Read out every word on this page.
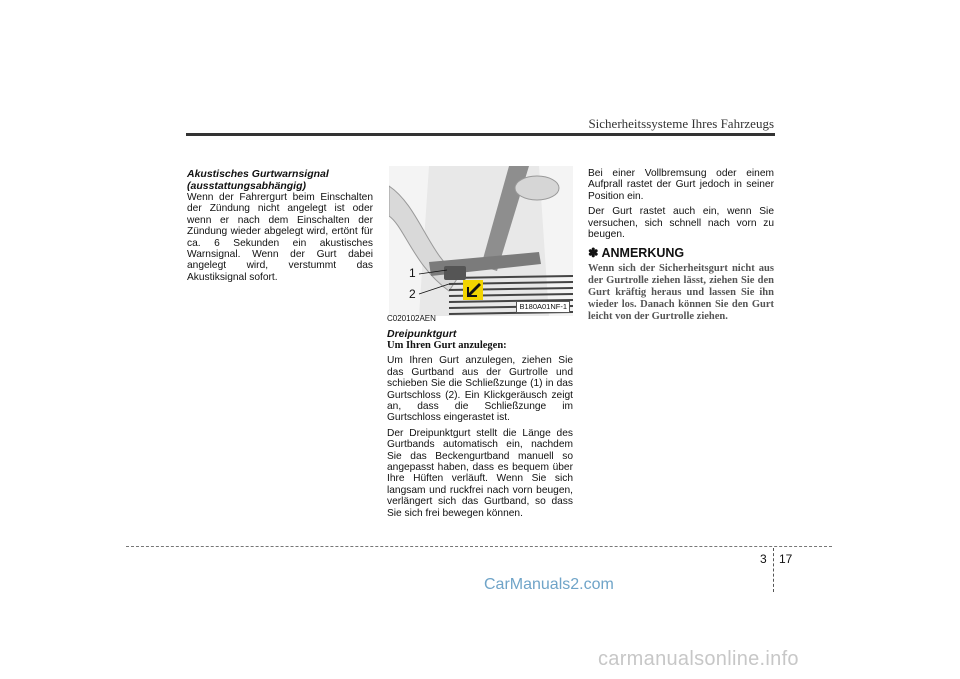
Sicherheitssysteme Ihres Fahrzeugs
Akustisches Gurtwarnsignal
(ausstattungsabhängig)

Wenn der Fahrergurt beim Einschalten der Zündung nicht angelegt ist oder wenn er nach dem Einschalten der Zündung wieder abgelegt wird, ertönt für ca. 6 Sekunden ein akustisches Warnsignal. Wenn der Gurt dabei angelegt wird, verstummt das Akustiksignal sofort.	1
2
B180A01NF-1
C020102AEN
Dreipunktgurt
Um Ihren Gurt anzulegen:

Um Ihren Gurt anzulegen, ziehen Sie das Gurtband aus der Gurtrolle und schieben Sie die Schließzunge (1) in das Gurtschloss (2). Ein Klickgeräusch zeigt an, dass die Schließzunge im Gurtschloss eingerastet ist.

Der Dreipunktgurt stellt die Länge des Gurtbands automatisch ein, nachdem Sie das Beckengurtband manuell so angepasst haben, dass es bequem über Ihre Hüften verläuft. Wenn Sie sich langsam und ruckfrei nach vorn beugen, verlängert sich das Gurtband, so dass Sie sich frei bewegen können.

Bei einer Vollbremsung oder einem Aufprall rastet der Gurt jedoch in seiner Position ein.

Der Gurt rastet auch ein, wenn Sie versuchen, sich schnell nach vorn zu beugen.

✽ ANMERKUNG

Wenn sich der Sicherheitsgurt nicht aus der Gurtrolle ziehen lässt, ziehen Sie den Gurt kräftig heraus und lassen Sie ihn wieder los. Danach können Sie den Gurt leicht von der Gurtrolle ziehen.

3 17
CarManuals2.com
carmanualsonline.info
